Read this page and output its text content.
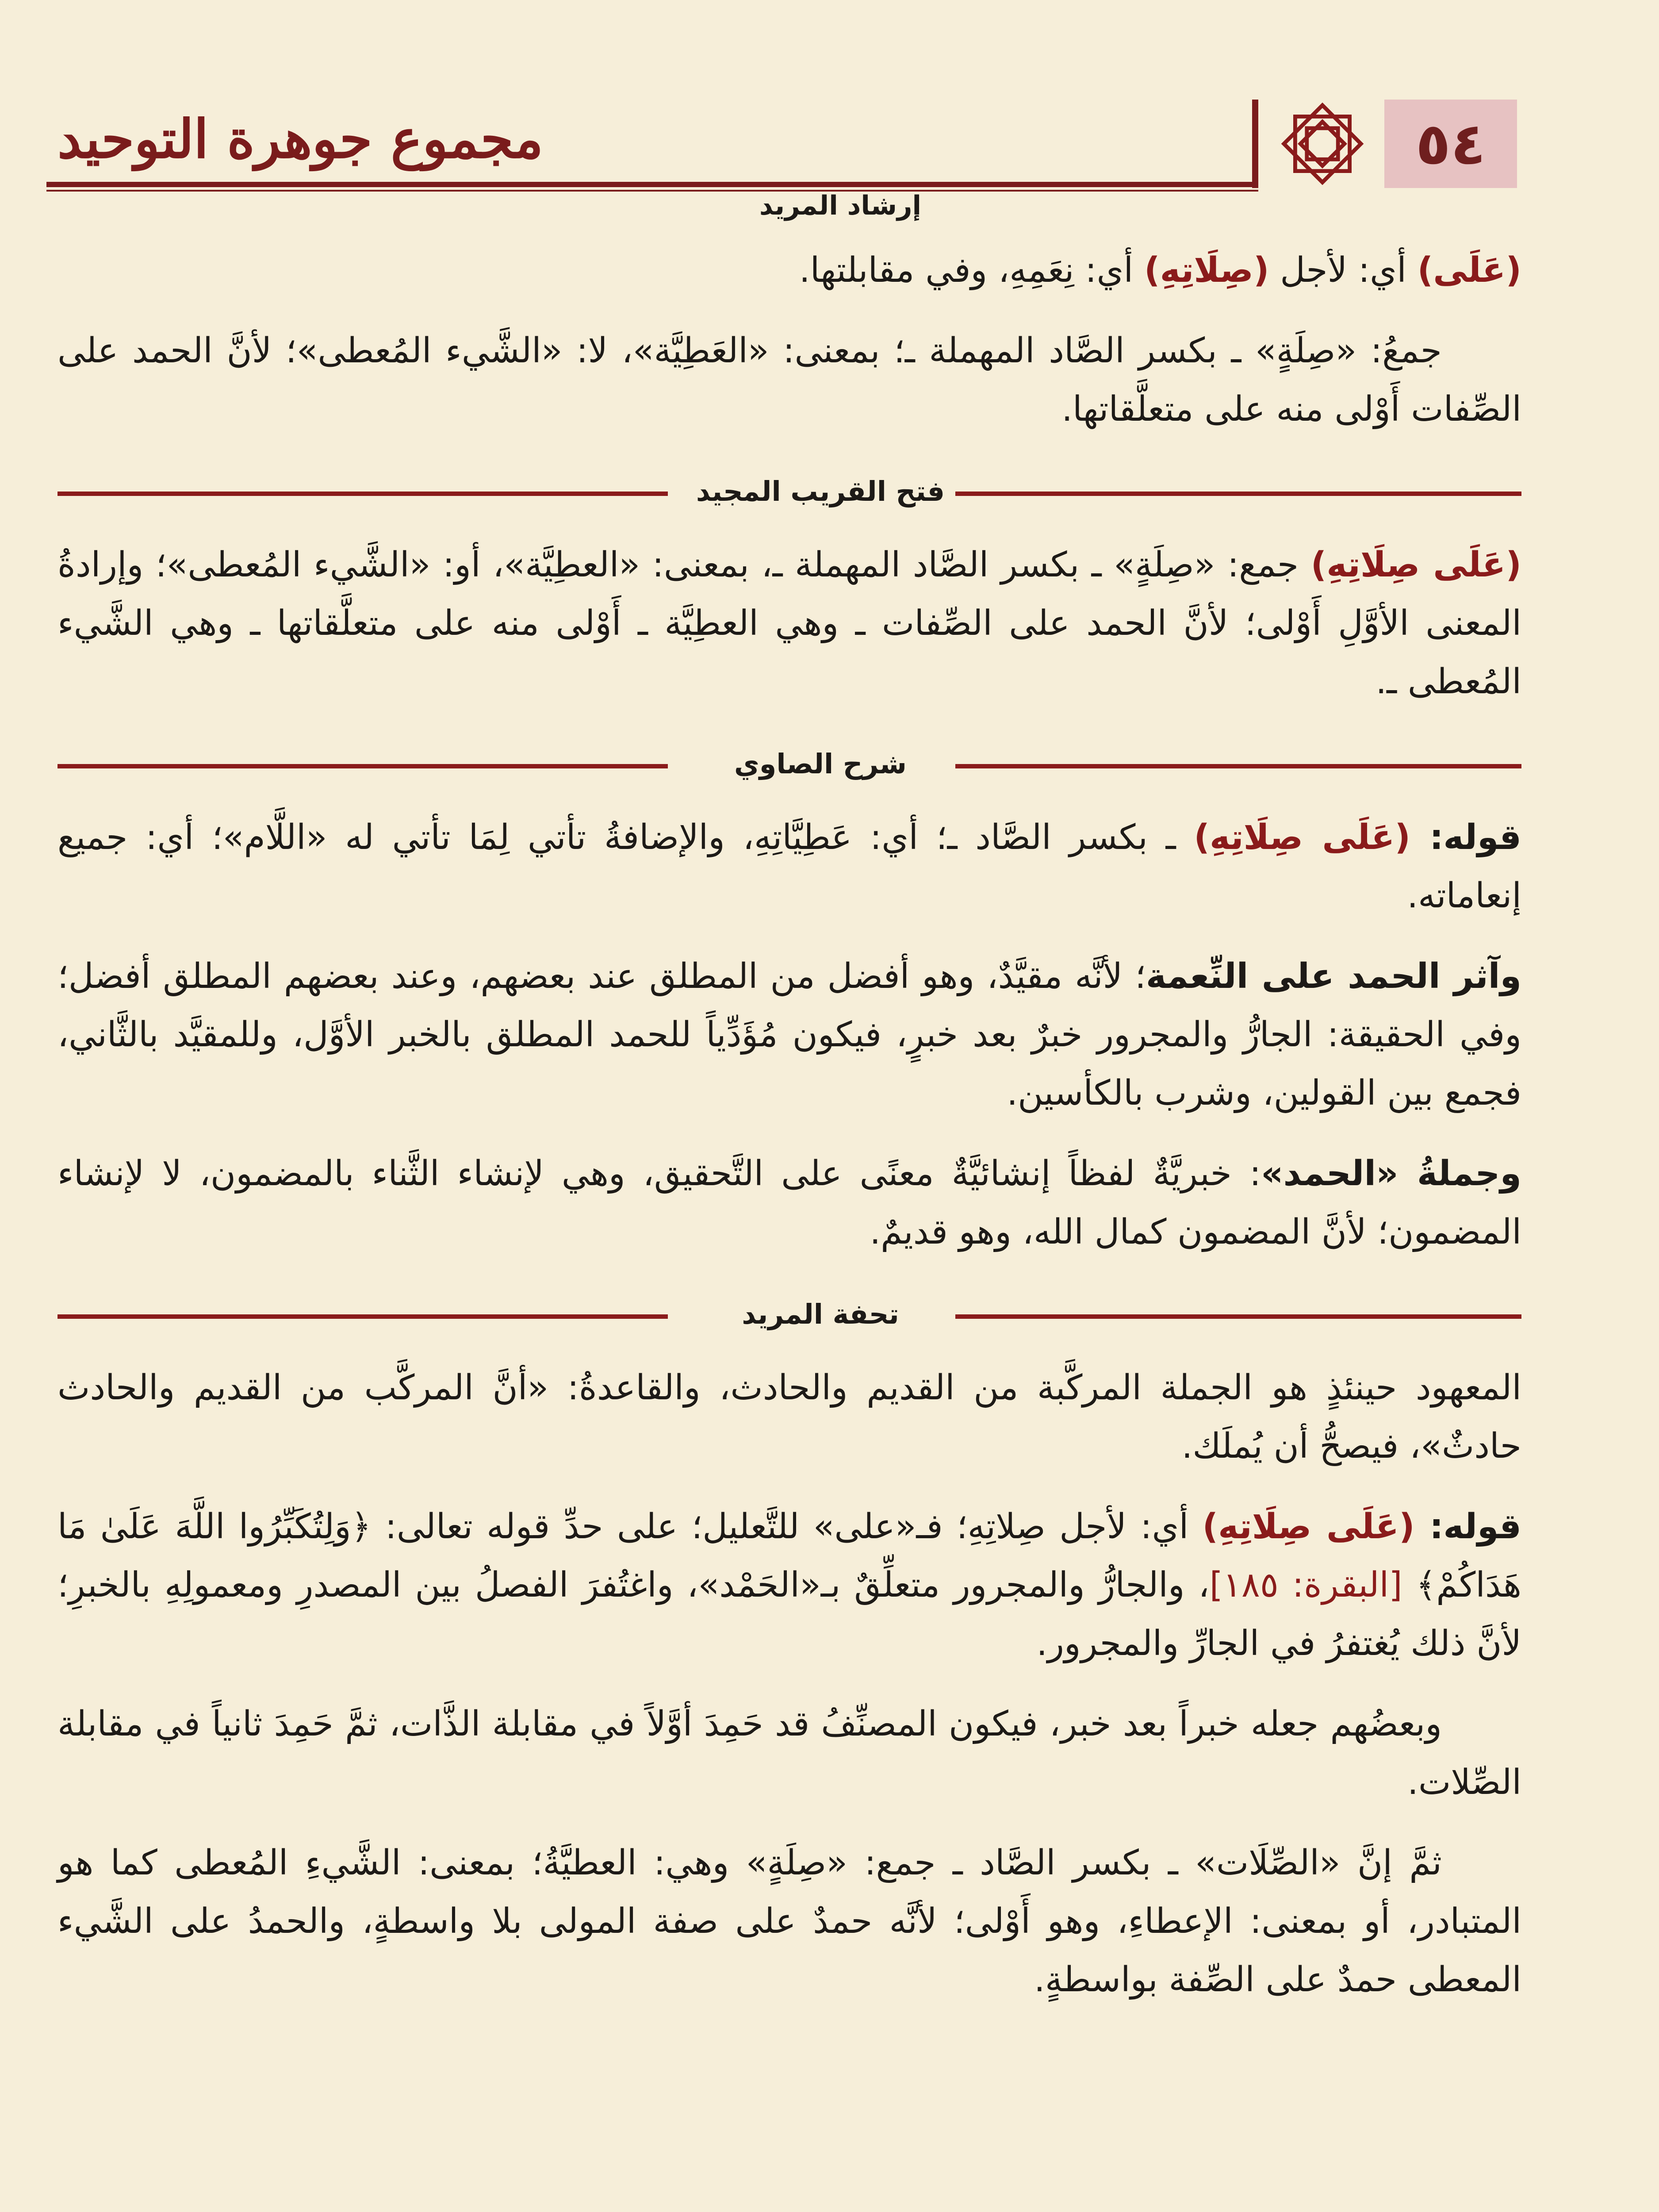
٥٤
مجموع جوهرة التوحيد
إرشاد المريد

(عَلَى) أي: لأجل (صِلَاتِهِ) أي: نِعَمِهِ، وفي مقابلتها.

جمعُ: «صِلَةٍ» ـ بكسر الصَّاد المهملة ـ؛ بمعنى: «العَطِيَّة»، لا: «الشَّيء المُعطى»؛ لأنَّ الحمد على الصِّفات أَوْلى منه على متعلَّقاتها.

فتح القريب المجيد

(عَلَى صِلَاتِهِ) جمع: «صِلَةٍ» ـ بكسر الصَّاد المهملة ـ، بمعنى: «العطِيَّة»، أو: «الشَّيء المُعطى»؛ وإرادةُ المعنى الأوَّلِ أَوْلى؛ لأنَّ الحمد على الصِّفات ـ وهي العطِيَّة ـ أَوْلى منه على متعلَّقاتها ـ وهي الشَّيء المُعطى ـ.

شرح الصاوي

قوله: (عَلَى صِلَاتِهِ) ـ بكسر الصَّاد ـ؛ أي: عَطِيَّاتِهِ، والإضافةُ تأتي لِمَا تأتي له «اللَّام»؛ أي: جميع إنعاماته.

وآثر الحمد على النِّعمة؛ لأنَّه مقيَّدٌ، وهو أفضل من المطلق عند بعضهم، وعند بعضهم المطلق أفضل؛ وفي الحقيقة: الجارُّ والمجرور خبرٌ بعد خبرٍ، فيكون مُؤَدِّياً للحمد المطلق بالخبر الأوَّل، وللمقيَّد بالثَّاني، فجمع بين القولين، وشرب بالكأسين.

وجملةُ «الحمد»: خبريَّةٌ لفظاً إنشائيَّةٌ معنًى على التَّحقيق، وهي لإنشاء الثَّناء بالمضمون، لا لإنشاء المضمون؛ لأنَّ المضمون كمال الله، وهو قديمٌ.

تحفة المريد

المعهود حينئذٍ هو الجملة المركَّبة من القديم والحادث، والقاعدةُ: «أنَّ المركَّب من القديم والحادث حادثٌ»، فيصحُّ أن يُملَك.

قوله: (عَلَى صِلَاتِهِ) أي: لأجل صِلاتِهِ؛ فـ«على» للتَّعليل؛ على حدِّ قوله تعالى: ﴿وَلِتُكَبِّرُوا اللَّهَ عَلَىٰ مَا هَدَاكُمْ﴾ [البقرة: ١٨٥]، والجارُّ والمجرور متعلِّقٌ بـ«الحَمْد»، واغتُفرَ الفصلُ بين المصدرِ ومعمولِهِ بالخبرِ؛ لأنَّ ذلك يُغتفرُ في الجارِّ والمجرور.

وبعضُهم جعله خبراً بعد خبر، فيكون المصنِّفُ قد حَمِدَ أوَّلاً في مقابلة الذَّات، ثمَّ حَمِدَ ثانياً في مقابلة الصِّلات.

ثمَّ إنَّ «الصِّلَات» ـ بكسر الصَّاد ـ جمع: «صِلَةٍ» وهي: العطيَّةُ؛ بمعنى: الشَّيءِ المُعطى كما هو المتبادر، أو بمعنى: الإعطاءِ، وهو أَوْلى؛ لأنَّه حمدٌ على صفة المولى بلا واسطةٍ، والحمدُ على الشَّيء المعطى حمدٌ على الصِّفة بواسطةٍ.
